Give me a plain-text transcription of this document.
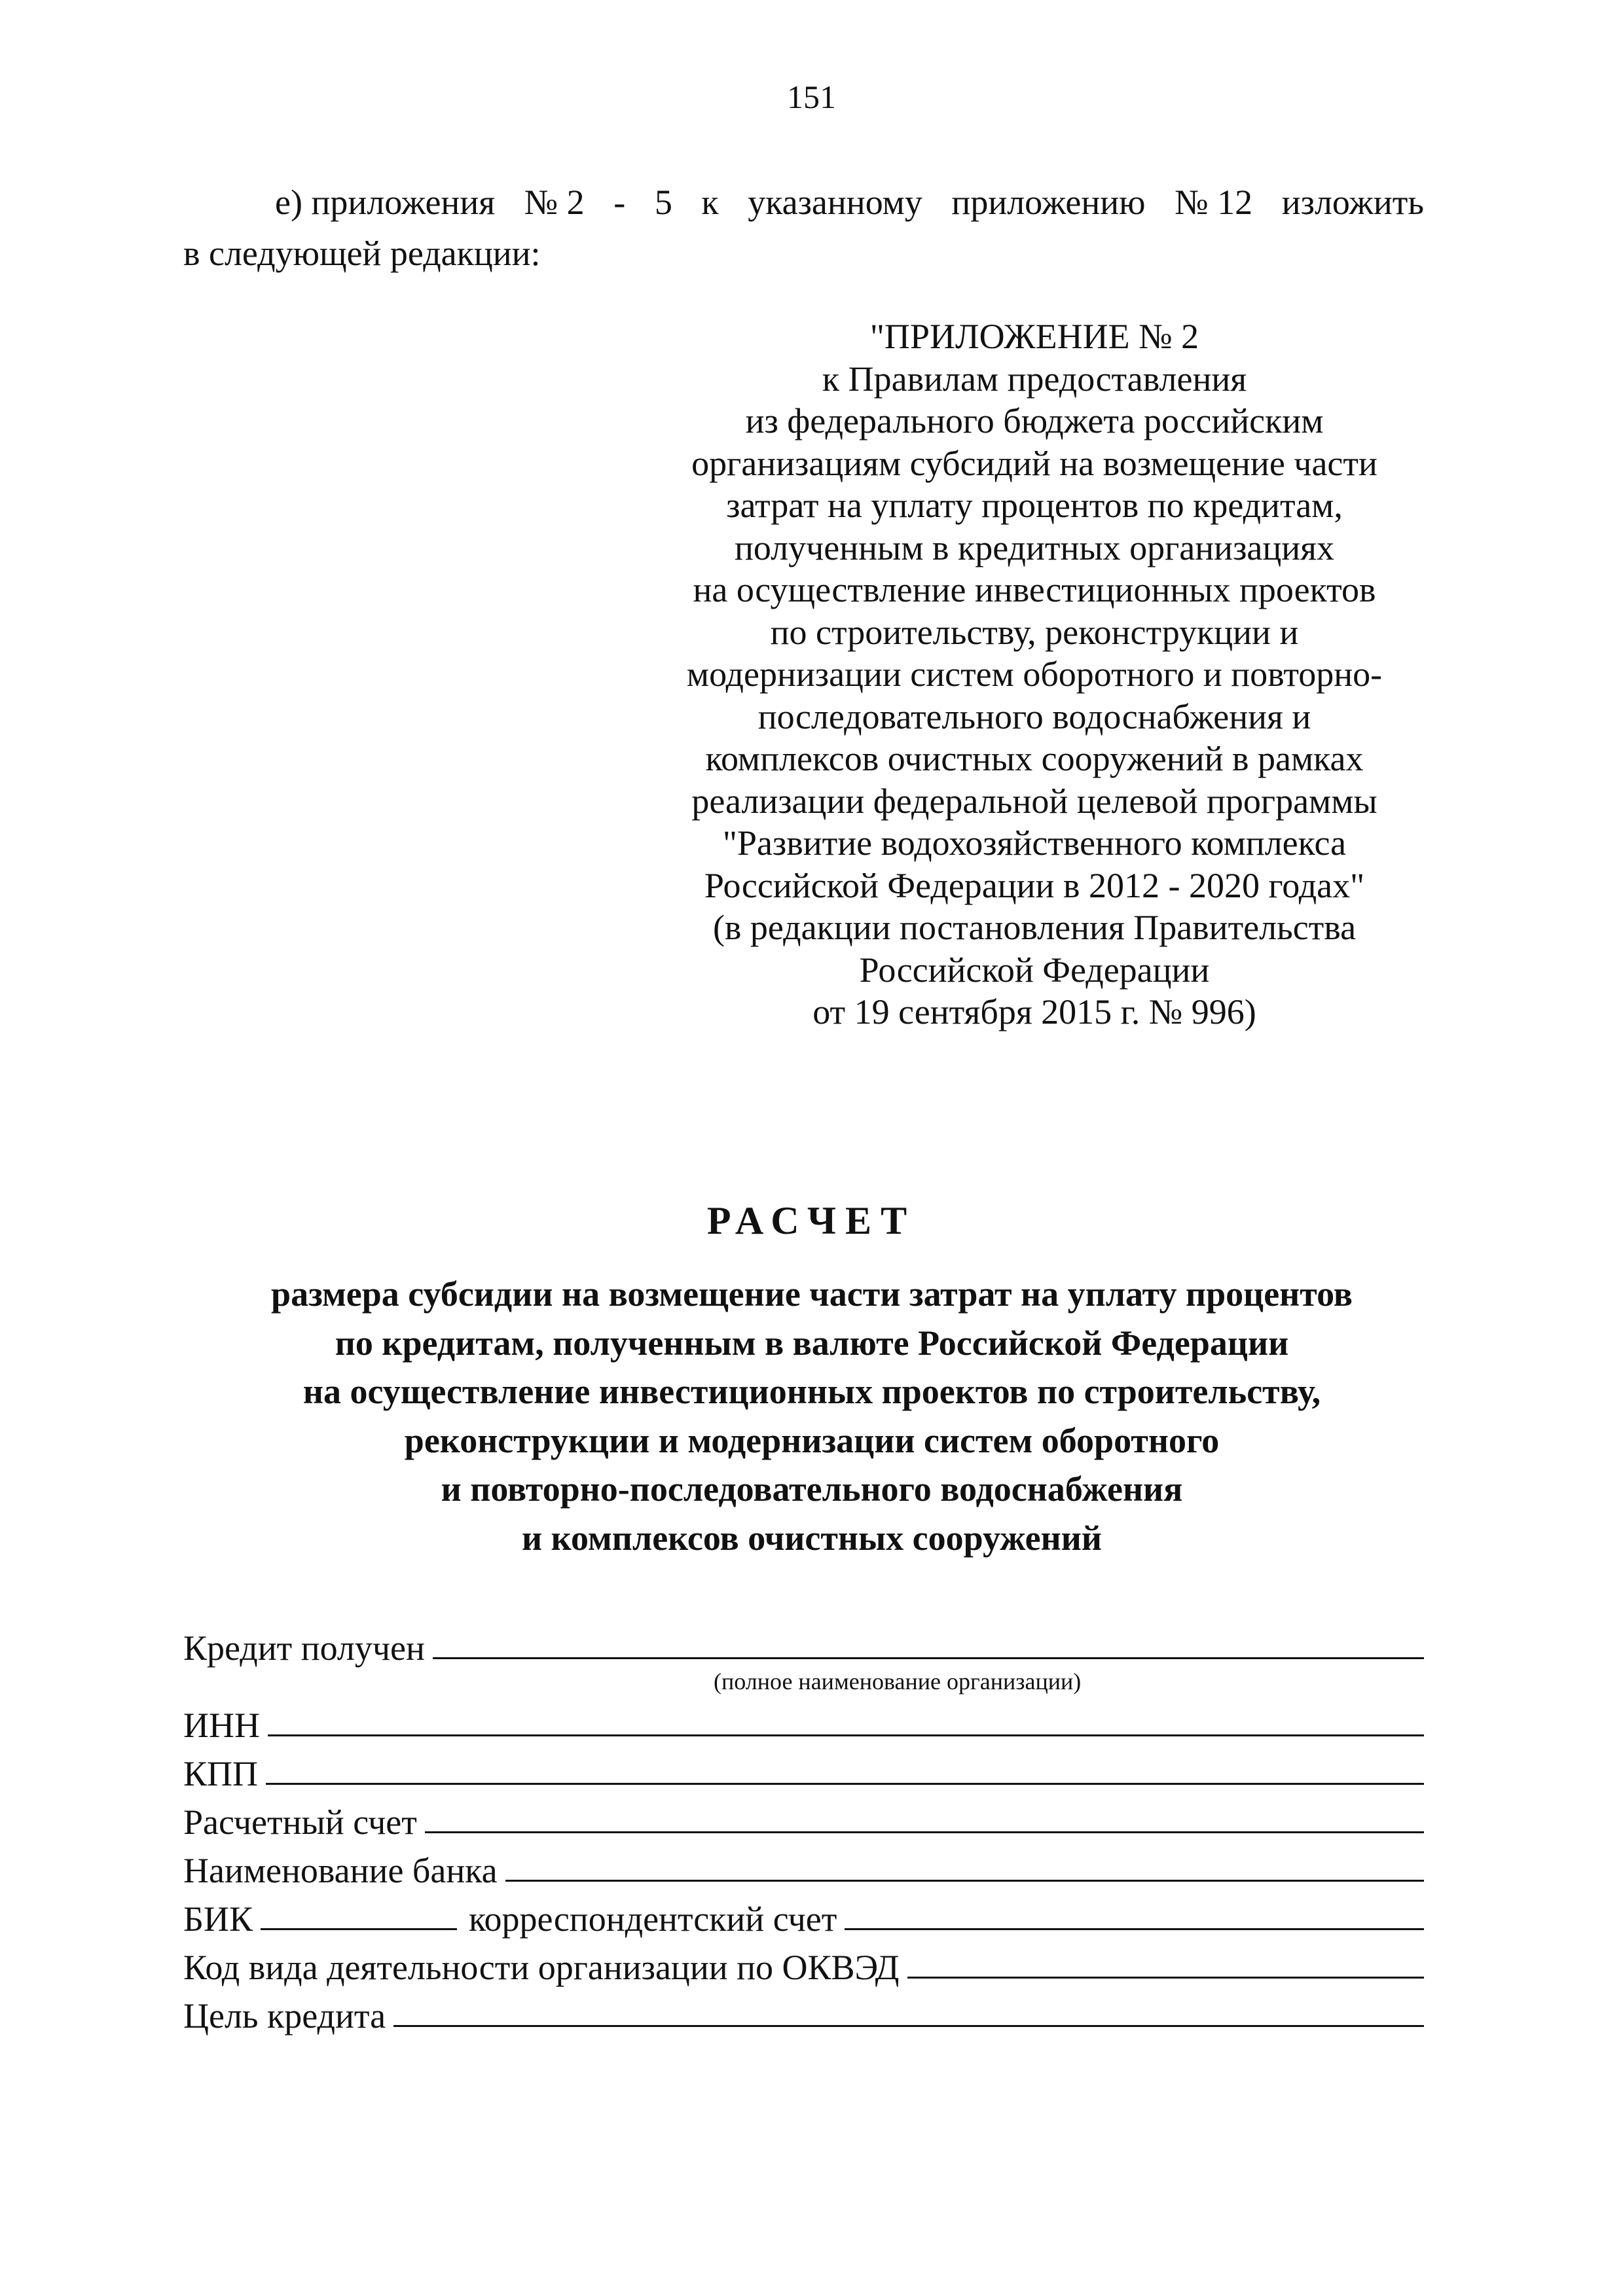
151
е) приложения № 2 - 5 к указанному приложению № 12 изложить
в следующей редакции:
"ПРИЛОЖЕНИЕ № 2
к Правилам предоставления
из федерального бюджета российским
организациям субсидий на возмещение части
затрат на уплату процентов по кредитам,
полученным в кредитных организациях
на осуществление инвестиционных проектов
по строительству, реконструкции и
модернизации систем оборотного и повторно-
последовательного водоснабжения и
комплексов очистных сооружений в рамках
реализации федеральной целевой программы
"Развитие водохозяйственного комплекса
Российской Федерации в 2012 - 2020 годах"
(в редакции постановления Правительства
Российской Федерации
от 19 сентября 2015 г. № 996)
РАСЧЕТ
размера субсидии на возмещение части затрат на уплату процентов
по кредитам, полученным в валюте Российской Федерации
на осуществление инвестиционных проектов по строительству,
реконструкции и модернизации систем оборотного
и повторно-последовательного водоснабжения
и комплексов очистных сооружений
Кредит получен
(полное наименование организации)
ИНН
КПП
Расчетный счет
Наименование банка
БИК	корреспондентский счет
Код вида деятельности организации по ОКВЭД
Цель кредита
